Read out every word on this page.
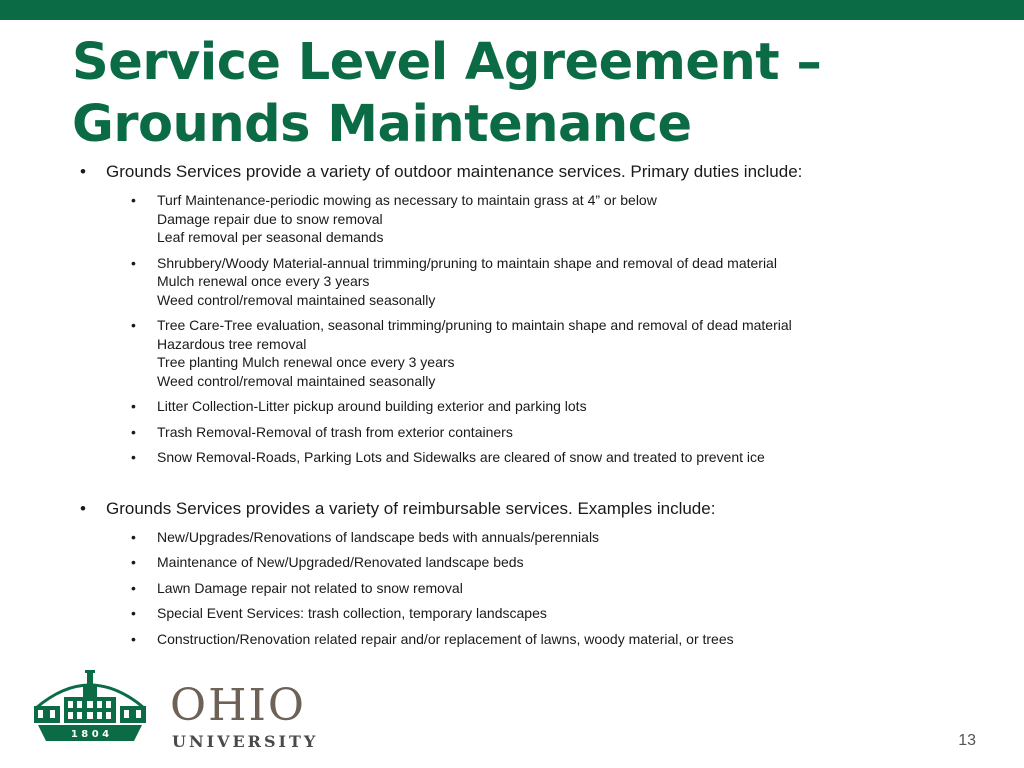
Service Level Agreement –
Grounds Maintenance
• Grounds Services provide a variety of outdoor maintenance services. Primary duties include:
• Turf Maintenance-periodic mowing as necessary to maintain grass at 4” or below
Damage repair due to snow removal
Leaf removal per seasonal demands
• Shrubbery/Woody Material-annual trimming/pruning to maintain shape and removal of dead material
Mulch renewal once every 3 years
Weed control/removal maintained seasonally
• Tree Care-Tree evaluation, seasonal trimming/pruning to maintain shape and removal of dead material
Hazardous tree removal
Tree planting Mulch renewal once every 3 years
Weed control/removal maintained seasonally
• Litter Collection-Litter pickup around building exterior and parking lots
• Trash Removal-Removal of trash from exterior containers
• Snow Removal-Roads, Parking Lots and Sidewalks are cleared of snow and treated to prevent ice
• Grounds Services provides a variety of reimbursable services. Examples include:
• New/Upgrades/Renovations of landscape beds with annuals/perennials
• Maintenance of New/Upgraded/Renovated landscape beds
• Lawn Damage repair not related to snow removal
• Special Event Services: trash collection, temporary landscapes
• Construction/Renovation related repair and/or replacement of lawns, woody material, or trees
1 8 0 4
OHIO
UNIVERSITY	13
